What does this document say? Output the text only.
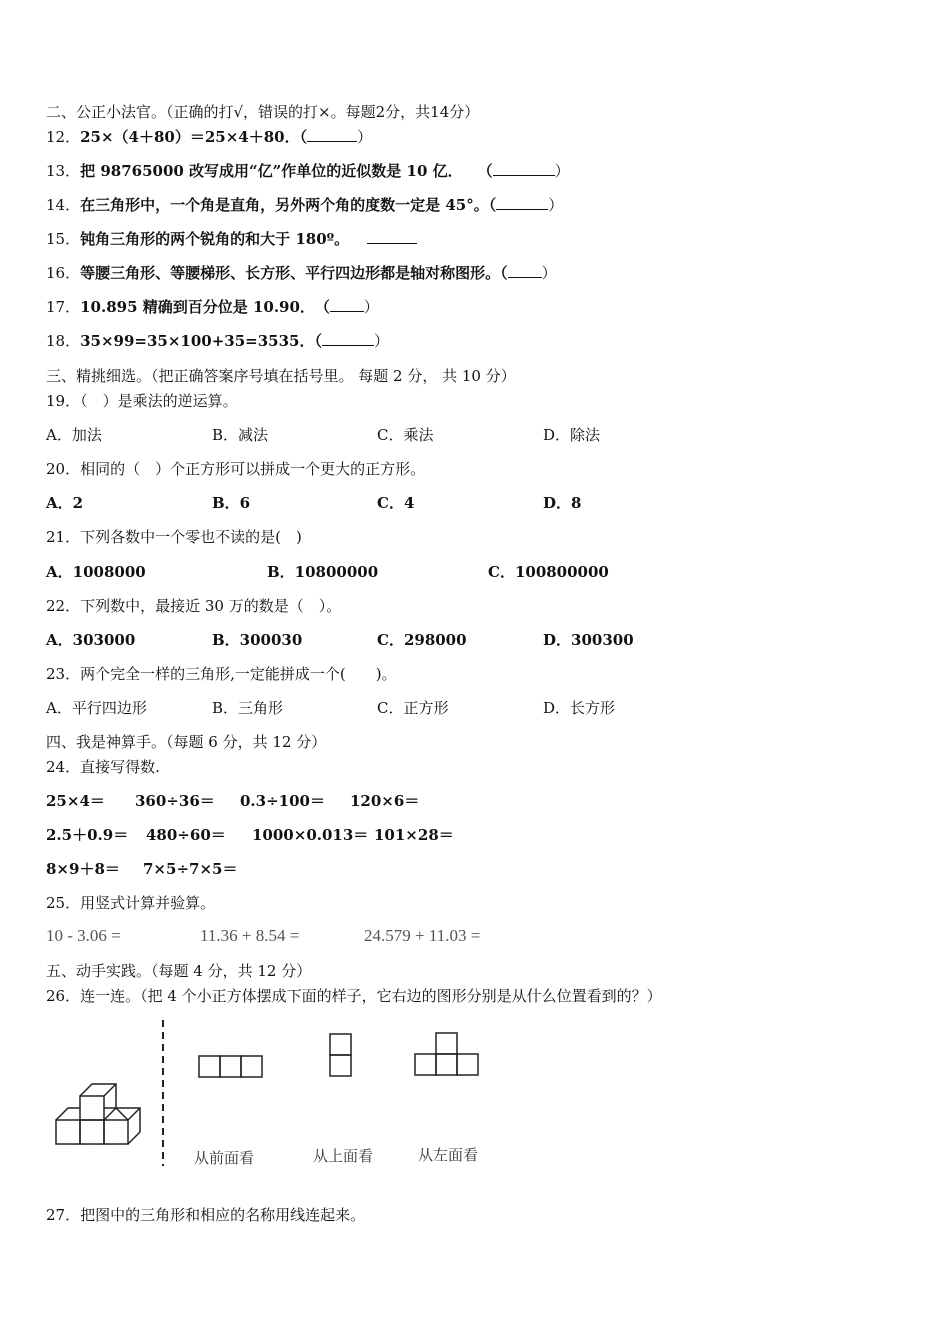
二、公正小法官。（正确的打√，错误的打×。每题2分，共14分）
12．25×（4＋80）＝25×4＋80．（	）
13．把 98765000 改写成用“亿”作单位的近似数是 10 亿．　　（	）
14．在三角形中，一个角是直角，另外两个角的度数一定是 45°。（	）
15．钝角三角形的两个锐角的和大于 180º。　
16．等腰三角形、等腰梯形、长方形、平行四边形都是轴对称图形。（ ）
17．10.895 精确到百分位是 10.90．　（ ）
18．35×99=35×100+35=3535．（	）
三、精挑细选。（把正确答案序号填在括号里。 每题 2 分， 共 10 分）
19．（　）是乘法的逆运算。
A．加法	B．减法	C．乘法	D．除法
20．相同的（　）个正方形可以拼成一个更大的正方形。
A．2	B．6	C．4	D．8
21．下列各数中一个零也不读的是(　)
A．1008000	B．10800000	C．100800000
22．下列数中，最接近 30 万的数是（　）。
A．303000	B．300030	C．298000	D．300300
23．两个完全一样的三角形,一定能拼成一个(　　)。
A．平行四边形	B．三角形	C．正方形	D．长方形
四、我是神算手。（每题 6 分，共 12 分）
24．直接写得数.
25×4＝ 360÷36＝ 0.3÷100＝ 120×6＝
2.5＋0.9＝ 480÷60＝ 1000×0.013＝ 101×28＝
8×9＋8＝ 7×5÷7×5＝
25．用竖式计算并验算。
10 - 3.06 =	11.36 + 8.54 =	24.579 + 11.03 =
五、动手实践。（每题 4 分，共 12 分）
26．连一连。（把 4 个小正方体摆成下面的样子，它右边的图形分别是从什么位置看到的？）
从前面看	从上面看	从左面看
27．把图中的三角形和相应的名称用线连起来。
